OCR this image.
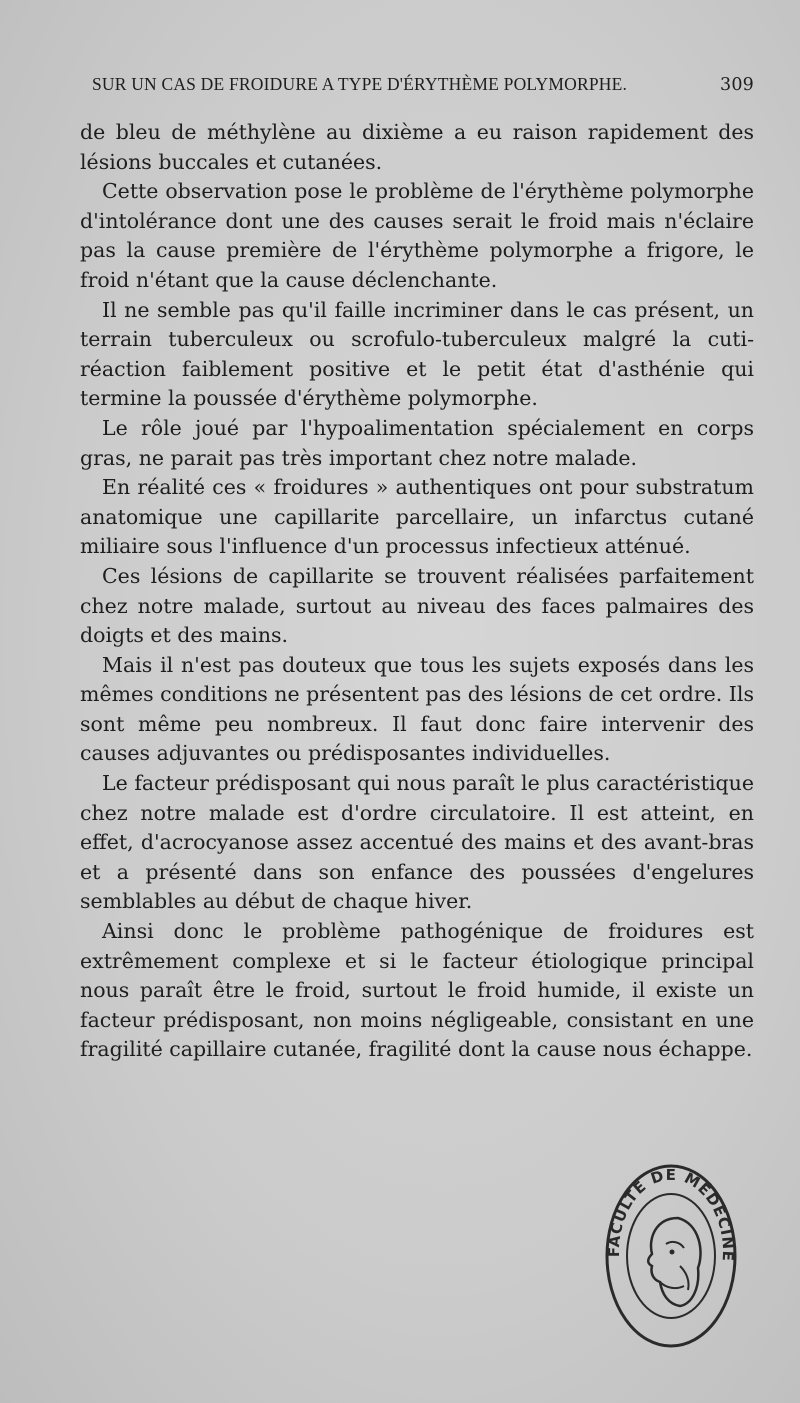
SUR UN CAS DE FROIDURE A TYPE D'ÉRYTHÈME POLYMORPHE.	309

de bleu de méthylène au dixième a eu raison rapidement des lésions buccales et cutanées.

Cette observation pose le problème de l'érythème polymorphe d'intolérance dont une des causes serait le froid mais n'éclaire pas la cause première de l'érythème polymorphe a frigore, le froid n'étant que la cause déclenchante.

Il ne semble pas qu'il faille incriminer dans le cas présent, un terrain tuberculeux ou scrofulo-tuberculeux malgré la cuti-réaction faiblement positive et le petit état d'asthénie qui termine la poussée d'érythème polymorphe.

Le rôle joué par l'hypoalimentation spécialement en corps gras, ne parait pas très important chez notre malade.

En réalité ces « froidures » authentiques ont pour substratum anatomique une capillarite parcellaire, un infarctus cutané miliaire sous l'influence d'un processus infectieux atténué.

Ces lésions de capillarite se trouvent réalisées parfaitement chez notre malade, surtout au niveau des faces palmaires des doigts et des mains.

Mais il n'est pas douteux que tous les sujets exposés dans les mêmes conditions ne présentent pas des lésions de cet ordre. Ils sont même peu nombreux. Il faut donc faire intervenir des causes adjuvantes ou prédisposantes individuelles.

Le facteur prédisposant qui nous paraît le plus caractéristique chez notre malade est d'ordre circulatoire. Il est atteint, en effet, d'acrocyanose assez accentué des mains et des avant-bras et a présenté dans son enfance des poussées d'engelures semblables au début de chaque hiver.

Ainsi donc le problème pathogénique de froidures est extrêmement complexe et si le facteur étiologique principal nous paraît être le froid, surtout le froid humide, il existe un facteur prédisposant, non moins négligeable, consistant en une fragilité capillaire cutanée, fragilité dont la cause nous échappe.

FACULTÉ DE MÉDECINE
